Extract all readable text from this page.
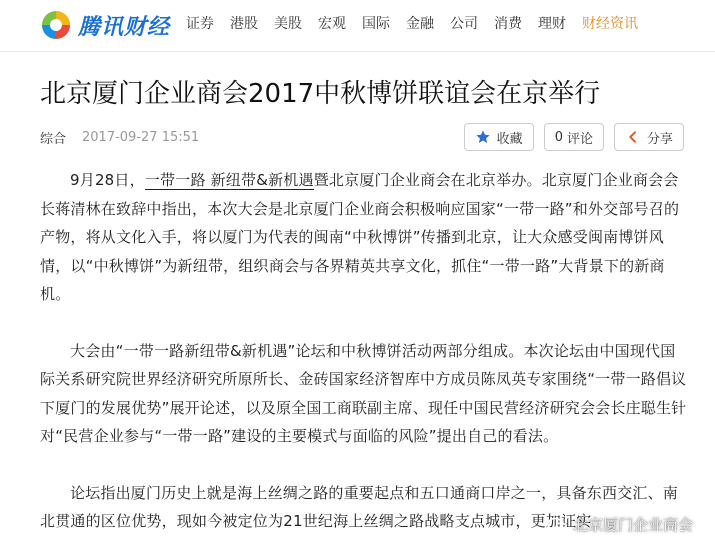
腾讯财经 证券 港股 美股 宏观 国际 金融 公司 消费 理财 财经资讯
北京厦门企业商会2017中秋博饼联谊会在京举行
综合 2017-09-27 15:51	收藏 0 评论	分享

9月28日，一带一路 新纽带&新机遇暨北京厦门企业商会在北京举办。北京厦门企业商会会长蒋清林在致辞中指出，本次大会是北京厦门企业商会积极响应国家“一带一路”和外交部号召的产物，将从文化入手，将以厦门为代表的闽南“中秋博饼”传播到北京，让大众感受闽南博饼风情，以“中秋博饼”为新纽带，组织商会与各界精英共享文化，抓住“一带一路”大背景下的新商机。

大会由“一带一路新纽带&新机遇”论坛和中秋博饼活动两部分组成。本次论坛由中国现代国际关系研究院世界经济研究所原所长、金砖国家经济智库中方成员陈凤英专家围绕“一带一路倡议下厦门的发展优势”展开论述，以及原全国工商联副主席、现任中国民营经济研究会会长庄聪生针对“民营企业参与“一带一路”建设的主要模式与面临的风险”提出自己的看法。

论坛指出厦门历史上就是海上丝绸之路的重要起点和五口通商口岸之一，具备东西交汇、南北贯通的区位优势，现如今被定位为21世纪海上丝绸之路战略支点城市，更加证实

北京厦门企业商会
